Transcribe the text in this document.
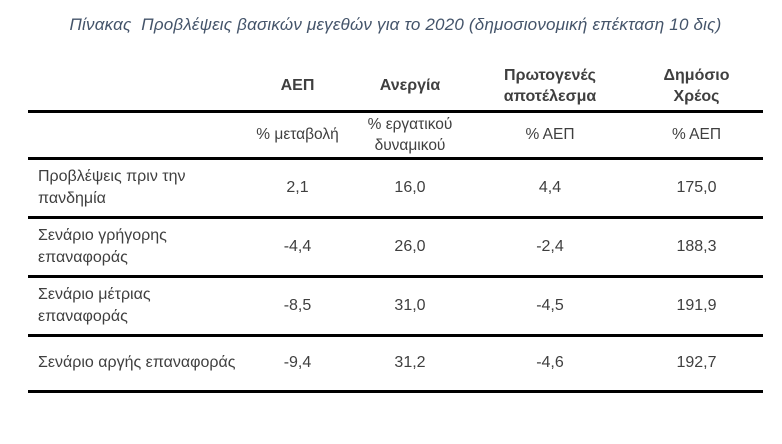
Πίνακας  Προβλέψεις βασικών μεγεθών για το 2020 (δημοσιονομική επέκταση 10 δις)
	ΑΕΠ	Ανεργία	Πρωτογενές αποτέλεσμα	Δημόσιο Χρέος
	% μεταβολή	% εργατικού δυναμικού	% ΑΕΠ	% ΑΕΠ
Προβλέψεις πριν την πανδημία	2,1	16,0	4,4	175,0
Σενάριο γρήγορης επαναφοράς	-4,4	26,0	-2,4	188,3
Σενάριο μέτριας επαναφοράς	-8,5	31,0	-4,5	191,9
Σενάριο αργής επαναφοράς	-9,4	31,2	-4,6	192,7
